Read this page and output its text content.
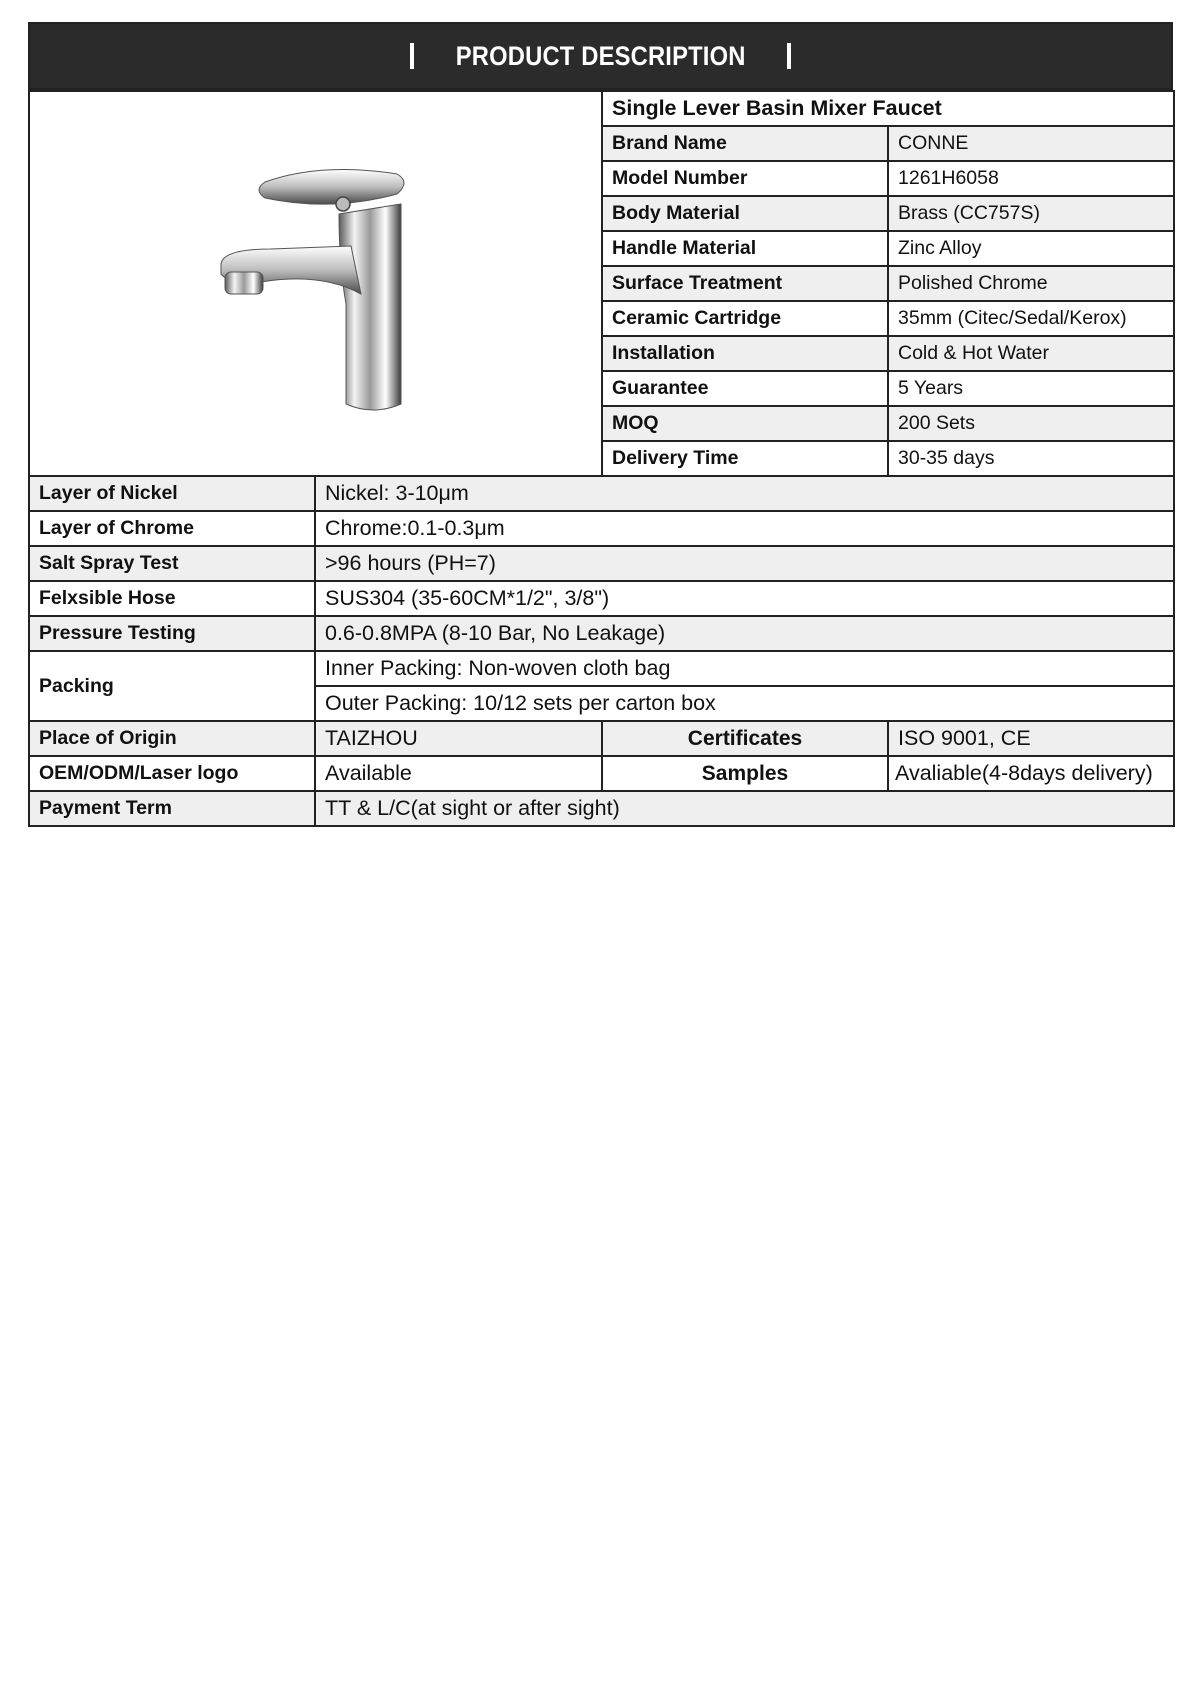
PRODUCT DESCRIPTION
	Single Lever Basin Mixer Faucet	
		Brand Name	CONNE
		Model Number	1261H6058
		Body Material	Brass (CC757S)
		Handle Material	Zinc Alloy
		Surface Treatment	Polished Chrome
		Ceramic Cartridge	35mm (Citec/Sedal/Kerox)
		Installation	Cold & Hot Water
		Guarantee	5 Years
		MOQ	200 Sets
		Delivery Time	30-35 days
Layer of Nickel	Nickel: 3-10μm		
Layer of Chrome	Chrome:0.1-0.3μm		
Salt Spray Test	>96 hours (PH=7)		
Felxsible Hose	SUS304 (35-60CM*1/2", 3/8")		
Pressure Testing	0.6-0.8MPA (8-10 Bar, No Leakage)		
Packing	Inner Packing: Non-woven cloth bag		
	Outer Packing: 10/12 sets per carton box		
Place of Origin	TAIZHOU	Certificates	ISO 9001, CE
OEM/ODM/Laser logo	Available	Samples	Avaliable(4-8days delivery)
Payment Term	TT & L/C(at sight or after sight)		
